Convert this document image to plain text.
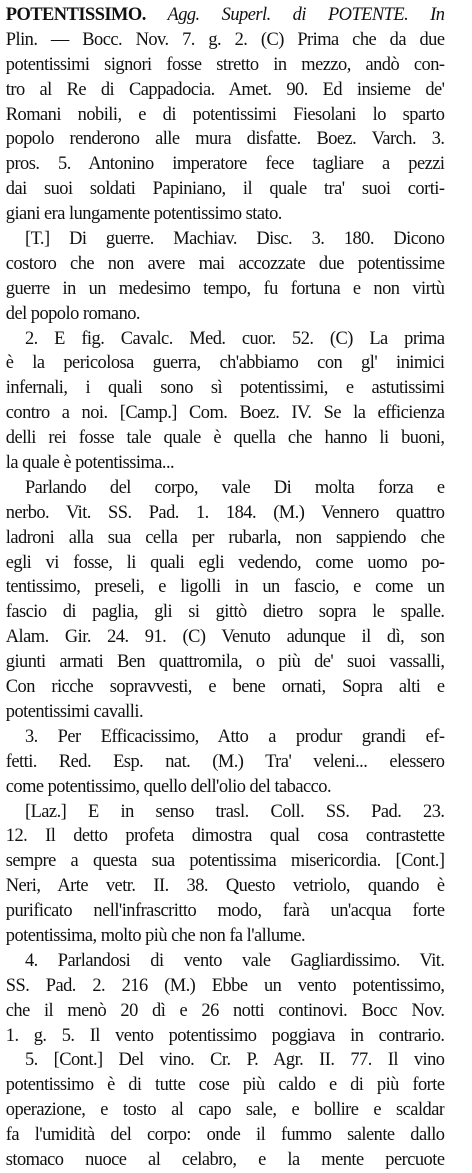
POTENTISSIMO. Agg. Superl. di POTENTE. In
Plin. — Bocc. Nov. 7. g. 2. (C) Prima che da due
potentissimi signori fosse stretto in mezzo, andò con-
tro al Re di Cappadocia. Amet. 90. Ed insieme de'
Romani nobili, e di potentissimi Fiesolani lo sparto
popolo renderono alle mura disfatte. Boez. Varch. 3.
pros. 5. Antonino imperatore fece tagliare a pezzi
dai suoi soldati Papiniano, il quale tra' suoi corti-
giani era lungamente potentissimo stato.
[T.] Di guerre. Machiav. Disc. 3. 180. Dicono
costoro che non avere mai accozzate due potentissime
guerre in un medesimo tempo, fu fortuna e non virtù
del popolo romano.
2. E fig. Cavalc. Med. cuor. 52. (C) La prima
è la pericolosa guerra, ch'abbiamo con gl' inimici
infernali, i quali sono sì potentissimi, e astutissimi
contro a noi. [Camp.] Com. Boez. IV. Se la efficienza
delli rei fosse tale quale è quella che hanno li buoni,
la quale è potentissima...
Parlando del corpo, vale Di molta forza e
nerbo. Vit. SS. Pad. 1. 184. (M.) Vennero quattro
ladroni alla sua cella per rubarla, non sappiendo che
egli vi fosse, li quali egli vedendo, come uomo po-
tentissimo, preseli, e ligolli in un fascio, e come un
fascio di paglia, gli si gittò dietro sopra le spalle.
Alam. Gir. 24. 91. (C) Venuto adunque il dì, son
giunti armati Ben quattromila, o più de' suoi vassalli,
Con ricche sopravvesti, e bene ornati, Sopra alti e
potentissimi cavalli.
3. Per Efficacissimo, Atto a produr grandi ef-
fetti. Red. Esp. nat. (M.) Tra' veleni... elessero
come potentissimo, quello dell'olio del tabacco.
[Laz.] E in senso trasl. Coll. SS. Pad. 23.
12. Il detto profeta dimostra qual cosa contrastette
sempre a questa sua potentissima misericordia. [Cont.]
Neri, Arte vetr. II. 38. Questo vetriolo, quando è
purificato nell'infrascritto modo, farà un'acqua forte
potentissima, molto più che non fa l'allume.
4. Parlandosi di vento vale Gagliardissimo. Vit.
SS. Pad. 2. 216 (M.) Ebbe un vento potentissimo,
che il menò 20 dì e 26 notti continovi. Bocc Nov.
1. g. 5. Il vento potentissimo poggiava in contrario.
5. [Cont.] Del vino. Cr. P. Agr. II. 77. Il vino
potentissimo è di tutte cose più caldo e di più forte
operazione, e tosto al capo sale, e bollire e scaldar
fa l'umidità del corpo: onde il fummo salente dallo
stomaco nuoce al celabro, e la mente percuote
